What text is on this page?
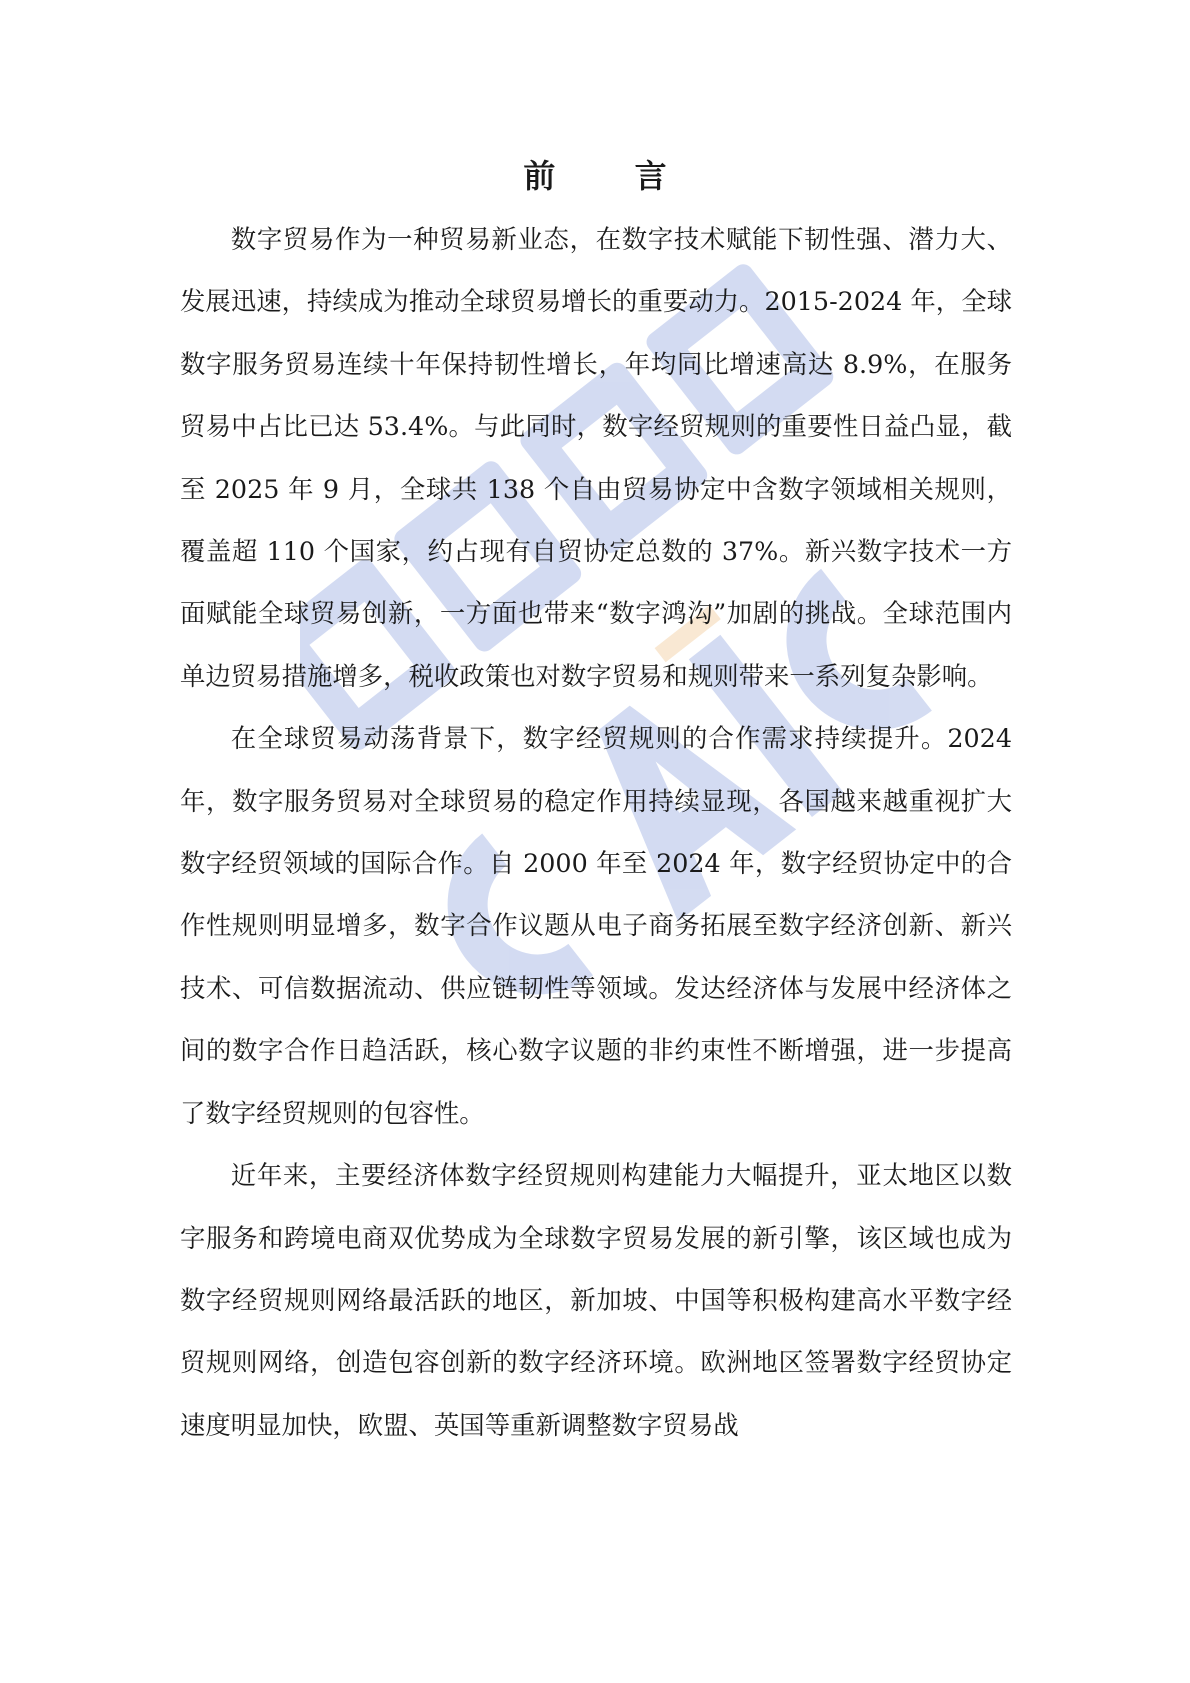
前 言

数字贸易作为一种贸易新业态，在数字技术赋能下韧性强、潜力大、发展迅速，持续成为推动全球贸易增长的重要动力。2015-2024 年，全球数字服务贸易连续十年保持韧性增长，年均同比增速高达 8.9%，在服务贸易中占比已达 53.4%。与此同时，数字经贸规则的重要性日益凸显，截至 2025 年 9 月，全球共 138 个自由贸易协定中含数字领域相关规则，覆盖超 110 个国家，约占现有自贸协定总数的 37%。新兴数字技术一方面赋能全球贸易创新，一方面也带来“数字鸿沟”加剧的挑战。全球范围内单边贸易措施增多，税收政策也对数字贸易和规则带来一系列复杂影响。

在全球贸易动荡背景下，数字经贸规则的合作需求持续提升。2024 年，数字服务贸易对全球贸易的稳定作用持续显现，各国越来越重视扩大数字经贸领域的国际合作。自 2000 年至 2024 年，数字经贸协定中的合作性规则明显增多，数字合作议题从电子商务拓展至数字经济创新、新兴技术、可信数据流动、供应链韧性等领域。发达经济体与发展中经济体之间的数字合作日趋活跃，核心数字议题的非约束性不断增强，进一步提高了数字经贸规则的包容性。

近年来，主要经济体数字经贸规则构建能力大幅提升，亚太地区以数字服务和跨境电商双优势成为全球数字贸易发展的新引擎，该区域也成为数字经贸规则网络最活跃的地区，新加坡、中国等积极构建高水平数字经贸规则网络，创造包容创新的数字经济环境。欧洲地区签署数字经贸协定速度明显加快，欧盟、英国等重新调整数字贸易战
